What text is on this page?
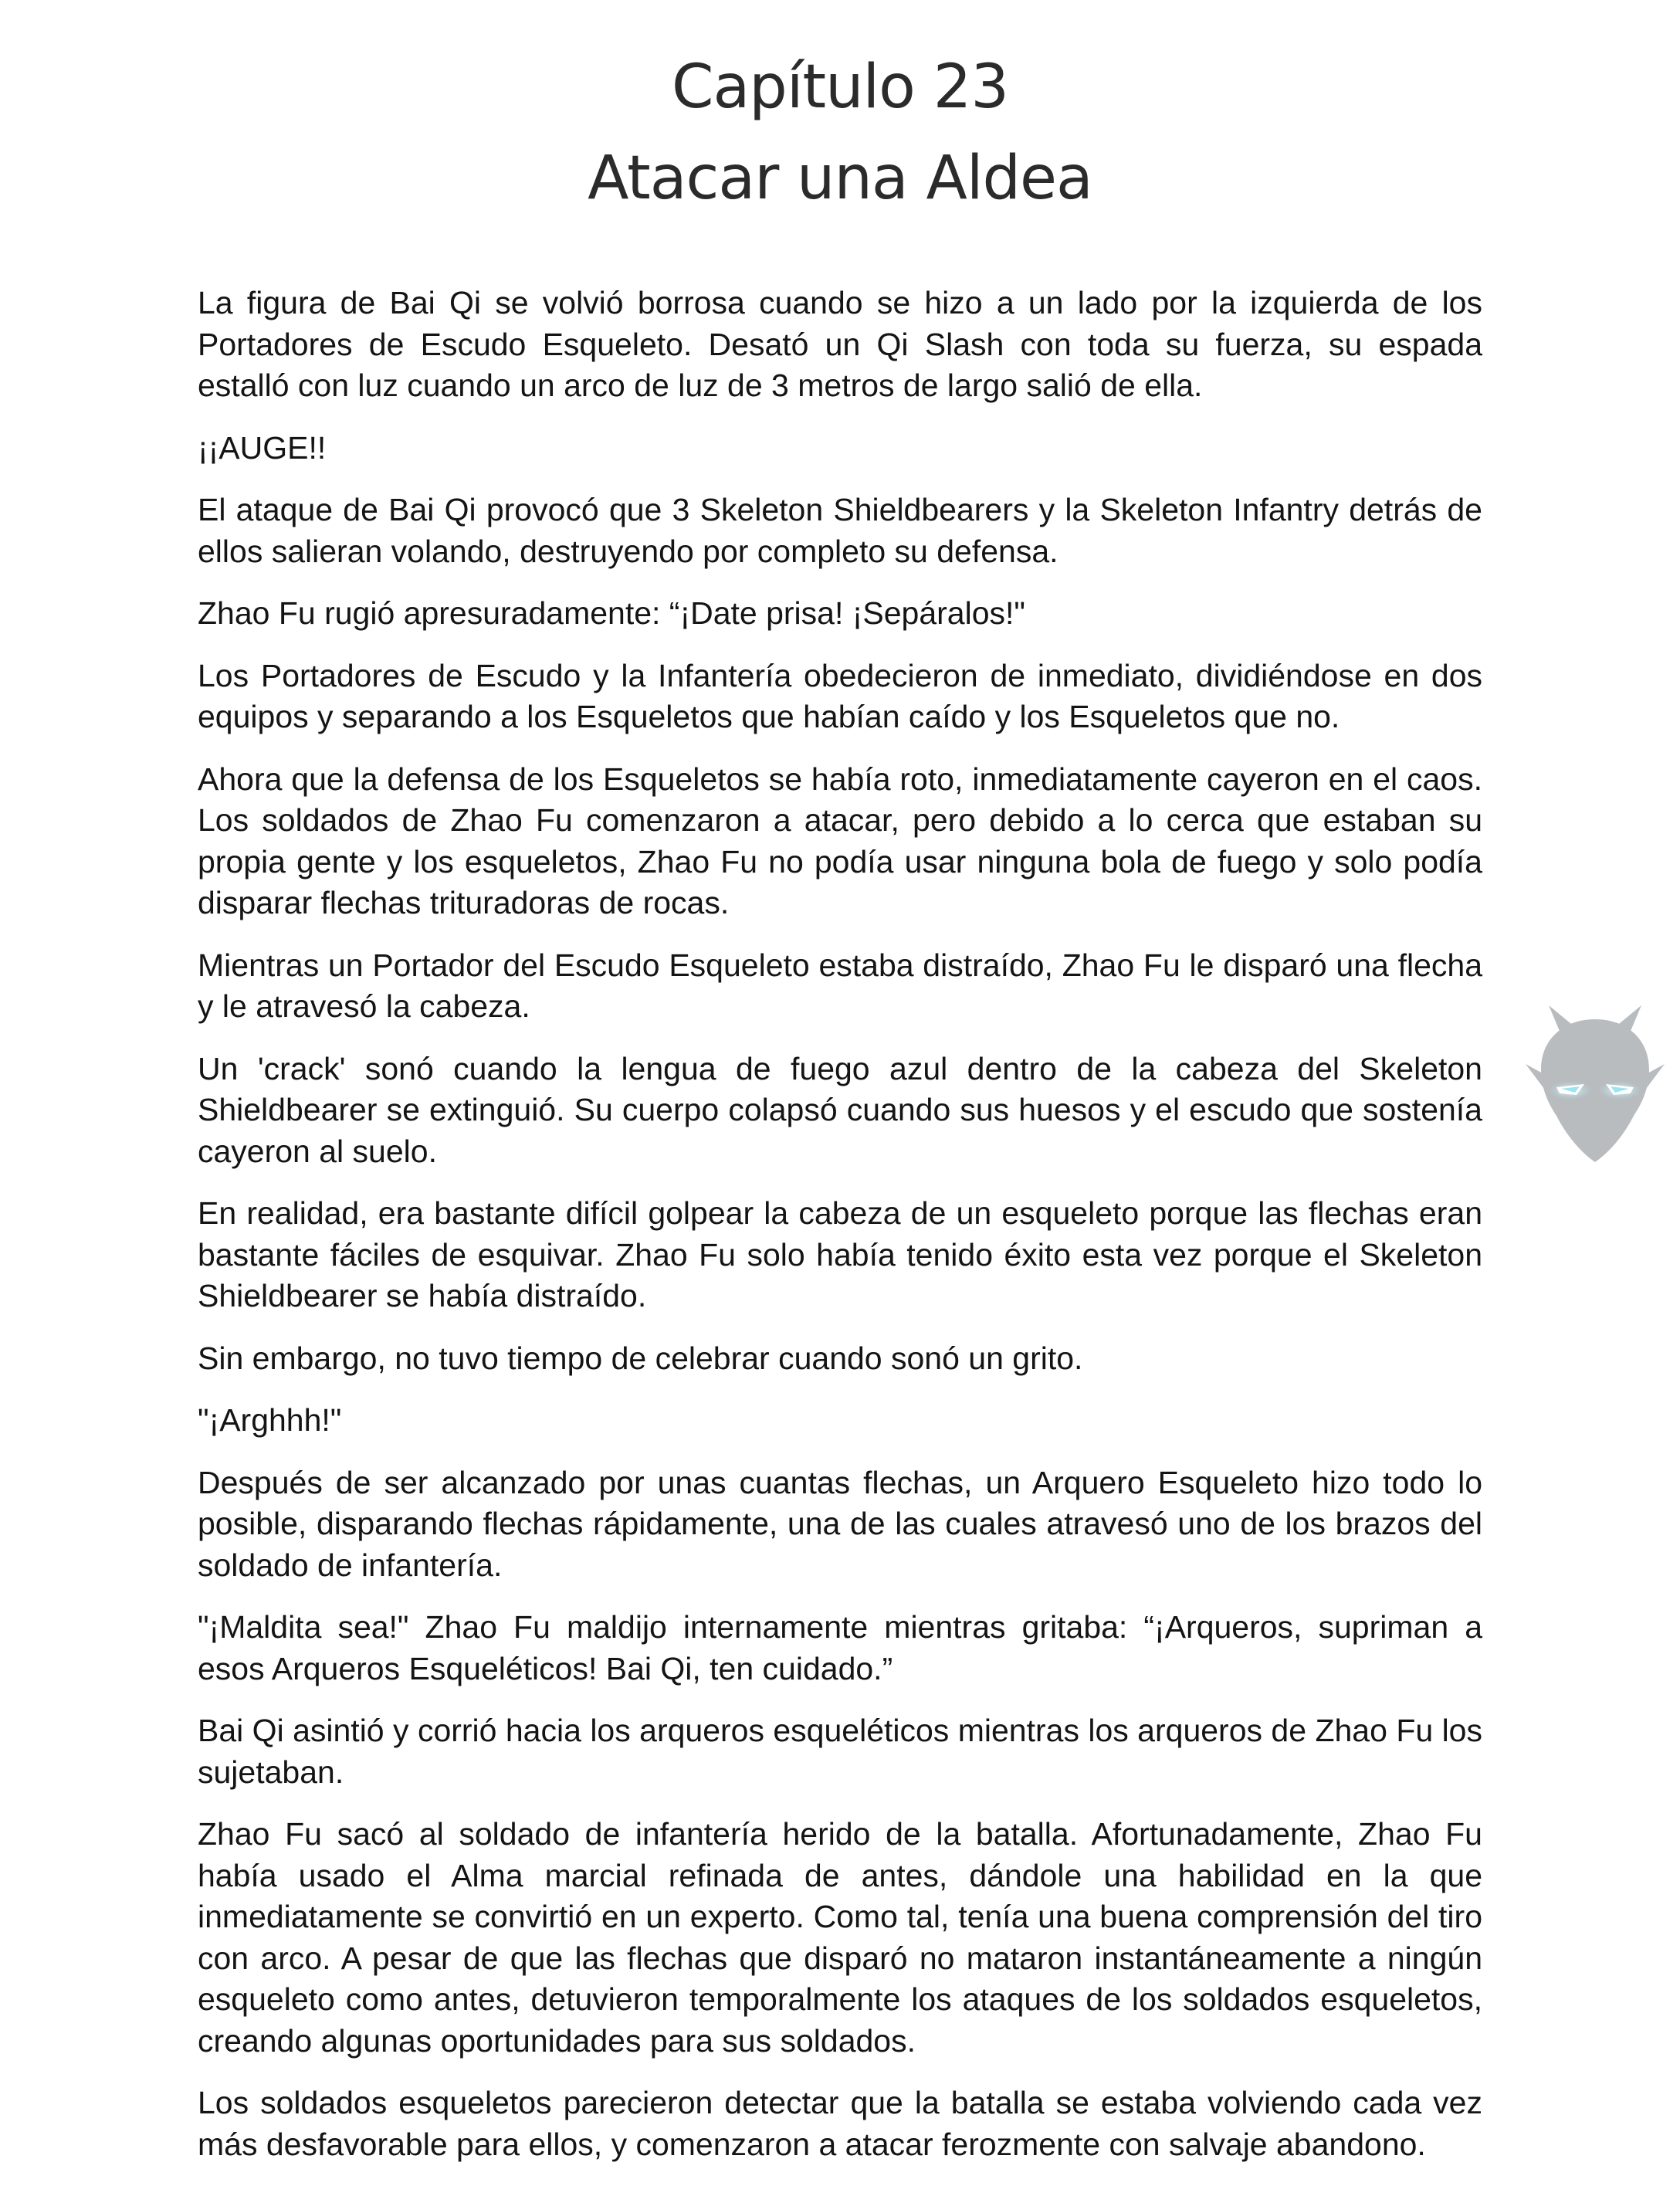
Capítulo 23
Atacar una Aldea

La figura de Bai Qi se volvió borrosa cuando se hizo a un lado por la izquierda de los Portadores de Escudo Esqueleto. Desató un Qi Slash con toda su fuerza, su espada estalló con luz cuando un arco de luz de 3 metros de largo salió de ella.

¡¡AUGE!!

El ataque de Bai Qi provocó que 3 Skeleton Shieldbearers y la Skeleton Infantry detrás de ellos salieran volando, destruyendo por completo su defensa.

Zhao Fu rugió apresuradamente: “¡Date prisa! ¡Sepáralos!"

Los Portadores de Escudo y la Infantería obedecieron de inmediato, dividiéndose en dos equipos y separando a los Esqueletos que habían caído y los Esqueletos que no.

Ahora que la defensa de los Esqueletos se había roto, inmediatamente cayeron en el caos. Los soldados de Zhao Fu comenzaron a atacar, pero debido a lo cerca que estaban su propia gente y los esqueletos, Zhao Fu no podía usar ninguna bola de fuego y solo podía disparar flechas trituradoras de rocas.

Mientras un Portador del Escudo Esqueleto estaba distraído, Zhao Fu le disparó una flecha y le atravesó la cabeza.

Un 'crack' sonó cuando la lengua de fuego azul dentro de la cabeza del Skeleton Shieldbearer se extinguió. Su cuerpo colapsó cuando sus huesos y el escudo que sostenía cayeron al suelo.

En realidad, era bastante difícil golpear la cabeza de un esqueleto porque las flechas eran bastante fáciles de esquivar. Zhao Fu solo había tenido éxito esta vez porque el Skeleton Shieldbearer se había distraído.

Sin embargo, no tuvo tiempo de celebrar cuando sonó un grito.

"¡Arghhh!"

Después de ser alcanzado por unas cuantas flechas, un Arquero Esqueleto hizo todo lo posible, disparando flechas rápidamente, una de las cuales atravesó uno de los brazos del soldado de infantería.

"¡Maldita sea!" Zhao Fu maldijo internamente mientras gritaba: “¡Arqueros, supriman a esos Arqueros Esqueléticos! Bai Qi, ten cuidado.”

Bai Qi asintió y corrió hacia los arqueros esqueléticos mientras los arqueros de Zhao Fu los sujetaban.

Zhao Fu sacó al soldado de infantería herido de la batalla. Afortunadamente, Zhao Fu había usado el Alma marcial refinada de antes, dándole una habilidad en la que inmediatamente se convirtió en un experto. Como tal, tenía una buena comprensión del tiro con arco. A pesar de que las flechas que disparó no mataron instantáneamente a ningún esqueleto como antes, detuvieron temporalmente los ataques de los soldados esqueletos, creando algunas oportunidades para sus soldados.

Los soldados esqueletos parecieron detectar que la batalla se estaba volviendo cada vez más desfavorable para ellos, y comenzaron a atacar ferozmente con salvaje abandono.
